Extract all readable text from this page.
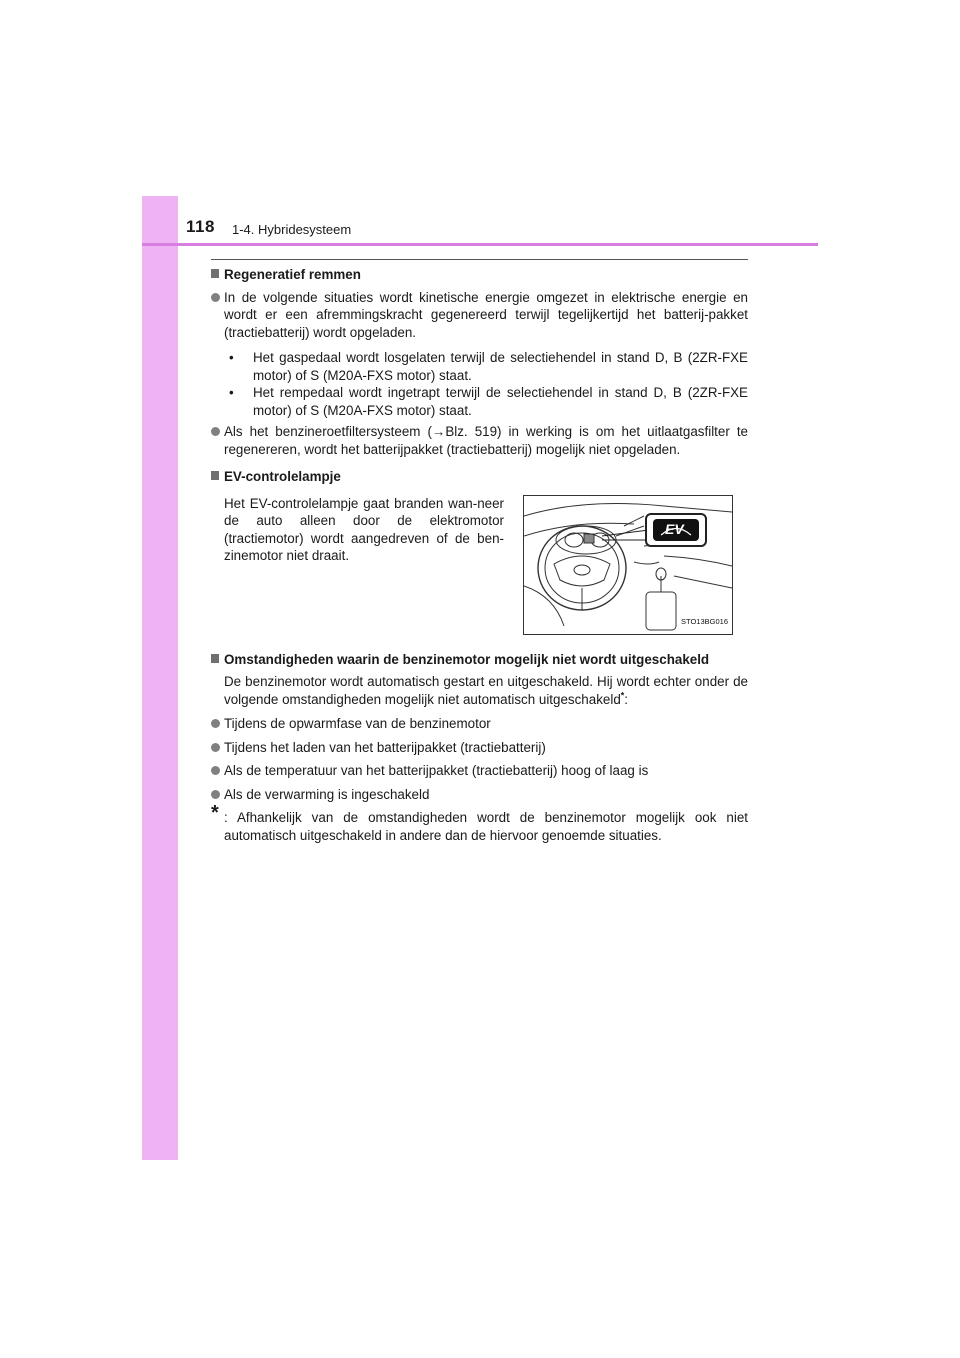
118 1-4. Hybridesysteem
Regeneratief remmen
In de volgende situaties wordt kinetische energie omgezet in elektrische energie en wordt er een afremmingskracht gegenereerd terwijl tegelijkertijd het batterij-pakket (tractiebatterij) wordt opgeladen.
• Het gaspedaal wordt losgelaten terwijl de selectiehendel in stand D, B (2ZR-FXE motor) of S (M20A-FXS motor) staat.
• Het rempedaal wordt ingetrapt terwijl de selectiehendel in stand D, B (2ZR-FXE motor) of S (M20A-FXS motor) staat.
Als het benzineroetfiltersysteem (→Blz. 519) in werking is om het uitlaatgasfilter te regenereren, wordt het batterijpakket (tractiebatterij) mogelijk niet opgeladen.
EV-controlelampje
Het EV-controlelampje gaat branden wan-neer de auto alleen door de elektromotor (tractiemotor) wordt aangedreven of de ben-zinemotor niet draait.
EV
STO13BG016
Omstandigheden waarin de benzinemotor mogelijk niet wordt uitgeschakeld
De benzinemotor wordt automatisch gestart en uitgeschakeld. Hij wordt echter onder de volgende omstandigheden mogelijk niet automatisch uitgeschakeld*:
Tijdens de opwarmfase van de benzinemotor
Tijdens het laden van het batterijpakket (tractiebatterij)
Als de temperatuur van het batterijpakket (tractiebatterij) hoog of laag is
Als de verwarming is ingeschakeld
* : Afhankelijk van de omstandigheden wordt de benzinemotor mogelijk ook niet automatisch uitgeschakeld in andere dan de hiervoor genoemde situaties.
